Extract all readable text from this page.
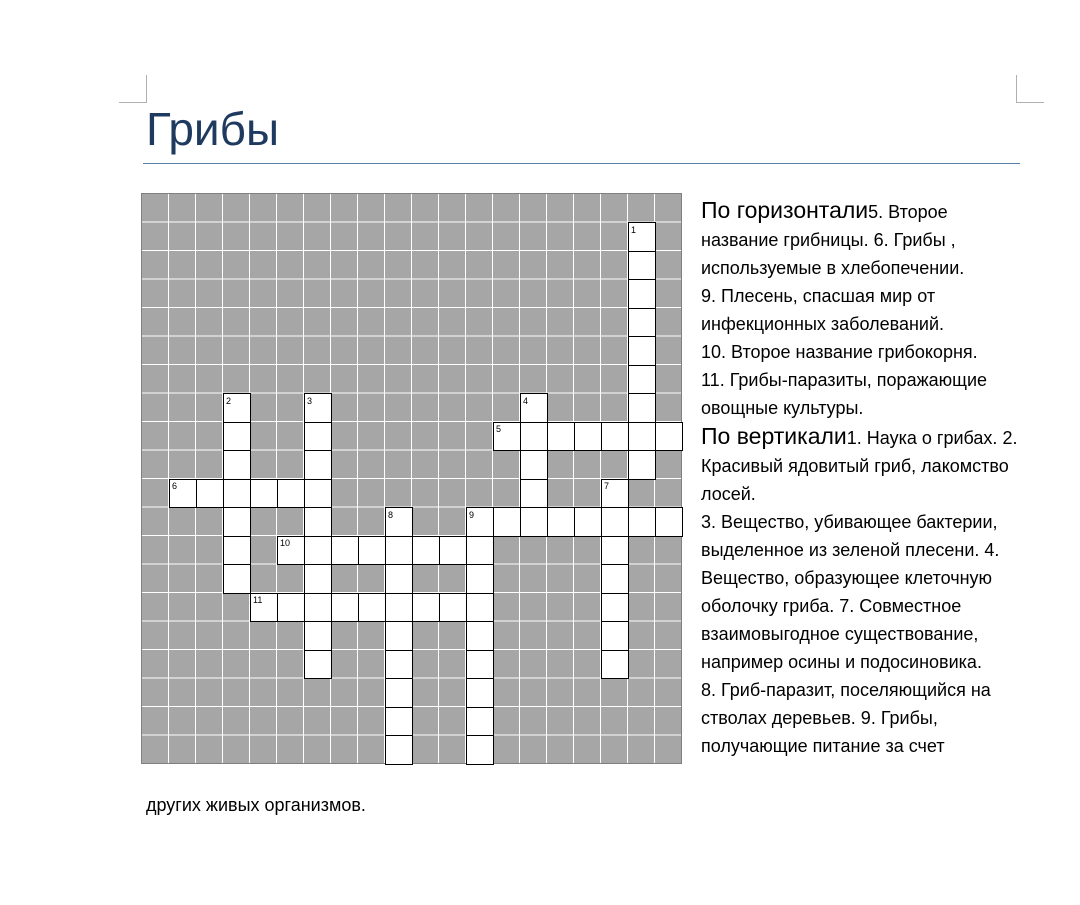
Грибы
1
2	3	4
5
6	7
8	9
10
11

По горизонтали5. Второе название грибницы. 6. Грибы , используемые в хлебопечении.
9. Плесень, спасшая мир от инфекционных заболеваний.
10. Второе название грибокорня.
11. Грибы-паразиты, поражающие овощные культуры.

По вертикали1. Наука о грибах. 2. Красивый ядовитый гриб, лакомство лосей.
3. Вещество, убивающее бактерии, выделенное из зеленой плесени. 4. Вещество, образующее клеточную оболочку гриба. 7. Совместное взаимовыгодное существование, например осины и подосиновика.
8. Гриб-паразит, поселяющийся на стволах деревьев. 9. Грибы, получающие питание за счет

других живых организмов.
